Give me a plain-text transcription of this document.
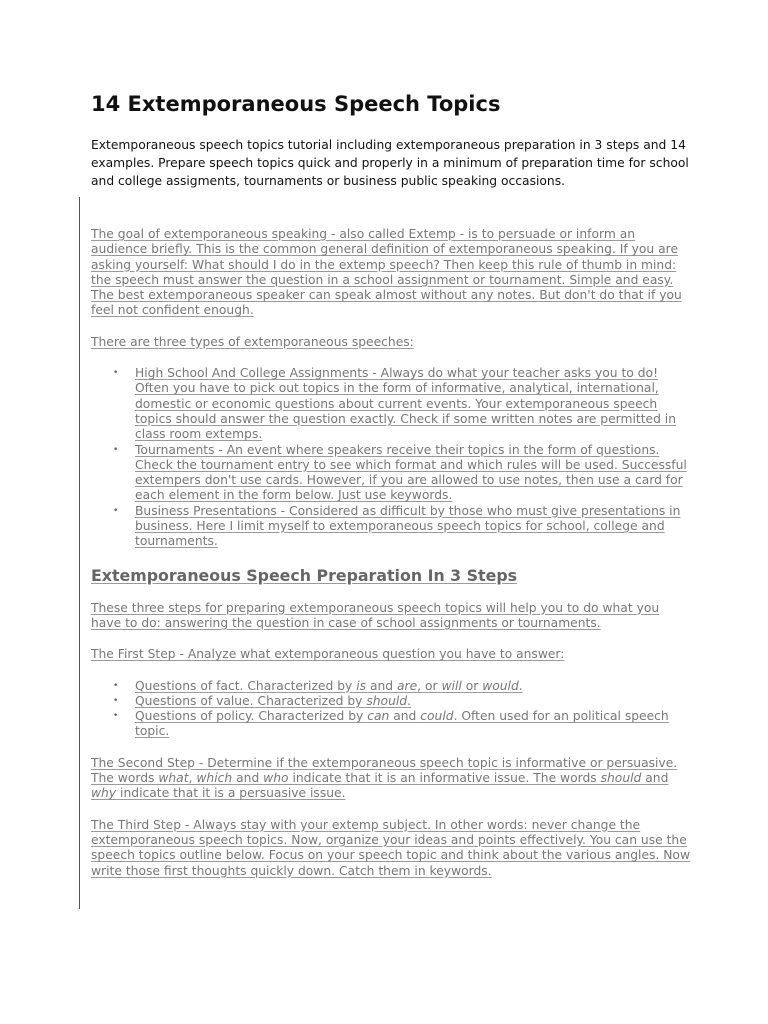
14 Extemporaneous Speech Topics

Extemporaneous speech topics tutorial including extemporaneous preparation in 3 steps and 14 examples. Prepare speech topics quick and properly in a minimum of preparation time for school and college assigments, tournaments or business public speaking occasions.

The goal of extemporaneous speaking - also called Extemp - is to persuade or inform an audience briefly. This is the common general definition of extemporaneous speaking. If you are asking yourself: What should I do in the extemp speech? Then keep this rule of thumb in mind: the speech must answer the question in a school assignment or tournament. Simple and easy. The best extemporaneous speaker can speak almost without any notes. But don't do that if you feel not confident enough.

There are three types of extemporaneous speeches:

• High School And College Assignments - Always do what your teacher asks you to do! Often you have to pick out topics in the form of informative, analytical, international, domestic or economic questions about current events. Your extemporaneous speech topics should answer the question exactly. Check if some written notes are permitted in class room extemps.
• Tournaments - An event where speakers receive their topics in the form of questions. Check the tournament entry to see which format and which rules will be used. Successful extempers don't use cards. However, if you are allowed to use notes, then use a card for each element in the form below. Just use keywords.
• Business Presentations - Considered as difficult by those who must give presentations in business. Here I limit myself to extemporaneous speech topics for school, college and tournaments.
Extemporaneous Speech Preparation In 3 Steps

These three steps for preparing extemporaneous speech topics will help you to do what you have to do: answering the question in case of school assignments or tournaments.

The First Step - Analyze what extemporaneous question you have to answer:

• Questions of fact. Characterized by is and are, or will or would.
• Questions of value. Characterized by should.
• Questions of policy. Characterized by can and could. Often used for an political speech topic.

The Second Step - Determine if the extemporaneous speech topic is informative or persuasive. The words what, which and who indicate that it is an informative issue. The words should and why indicate that it is a persuasive issue.

The Third Step - Always stay with your extemp subject. In other words: never change the extemporaneous speech topics. Now, organize your ideas and points effectively. You can use the speech topics outline below. Focus on your speech topic and think about the various angles. Now write those first thoughts quickly down. Catch them in keywords.
